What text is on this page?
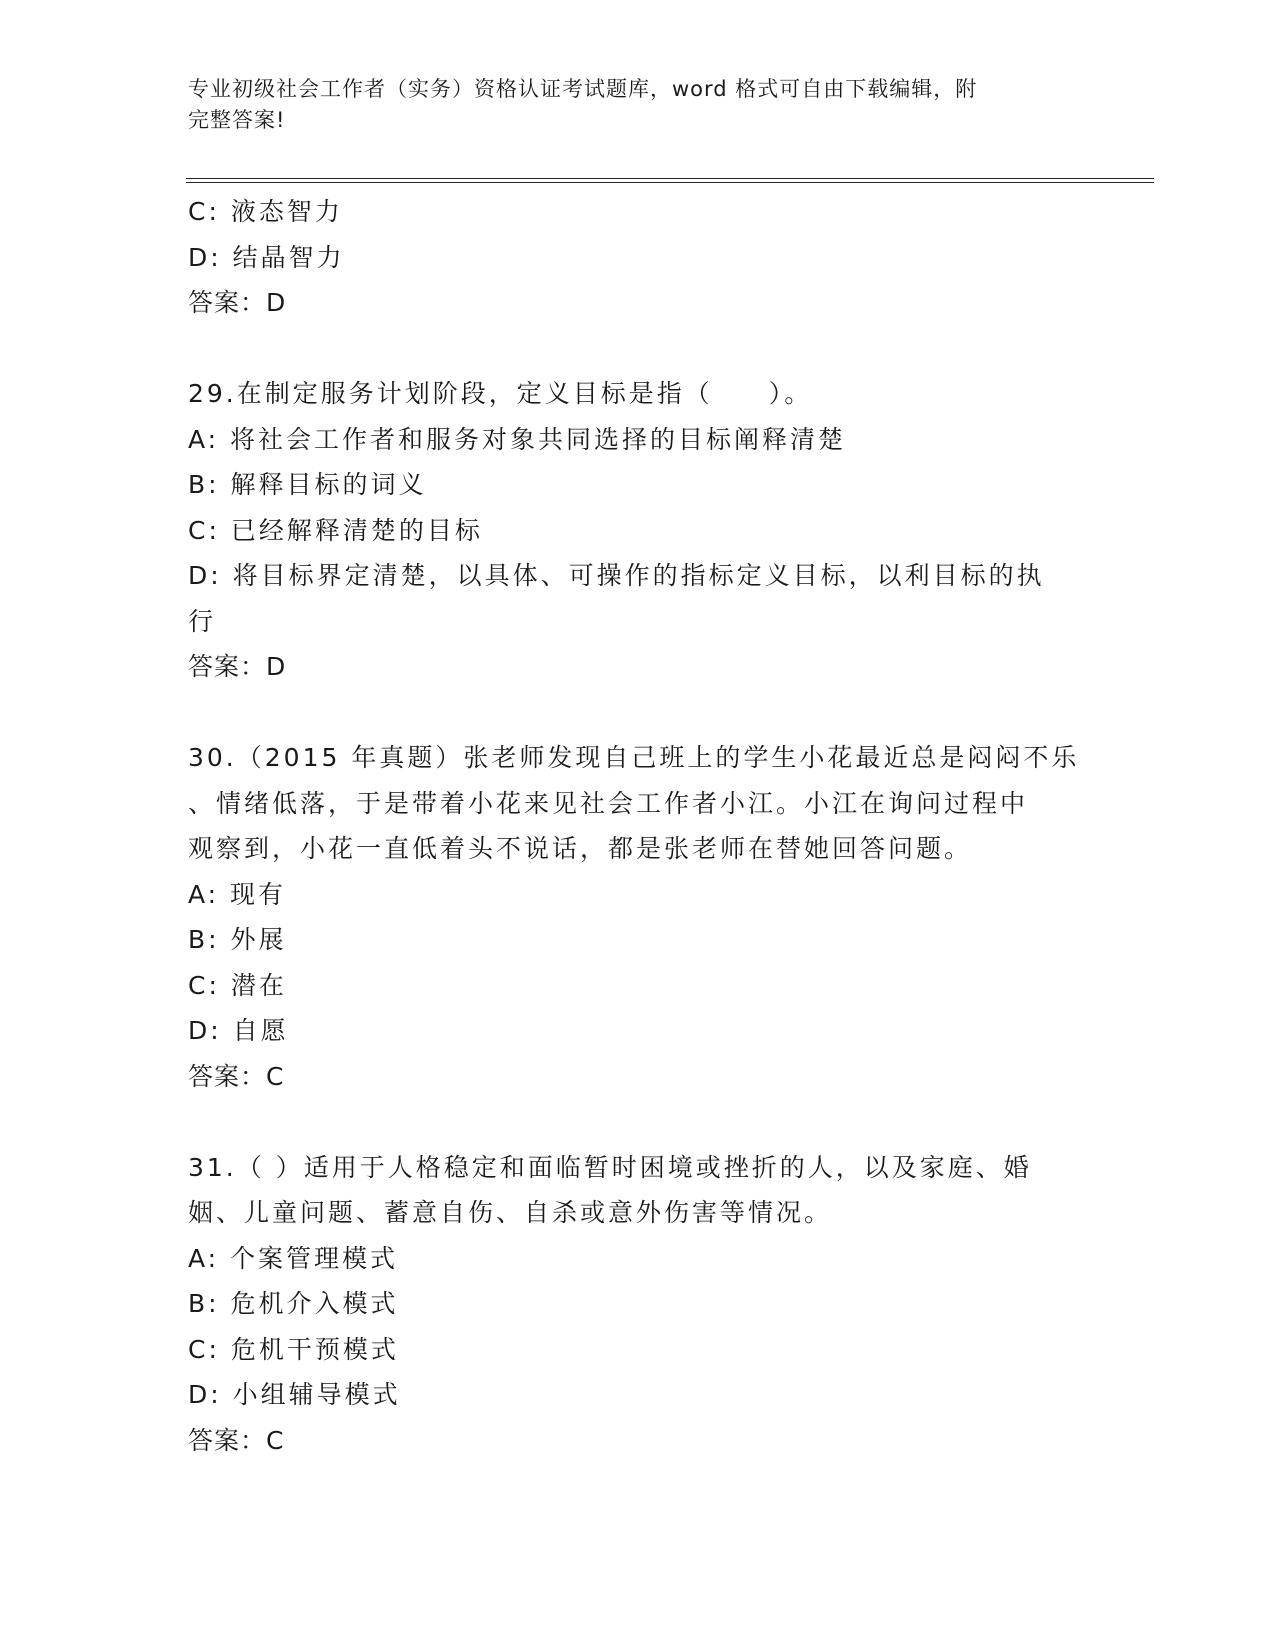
专业初级社会工作者（实务）资格认证考试题库，word 格式可自由下载编辑，附
完整答案!

C: 液态智力

D: 结晶智力

答案：D

29.在制定服务计划阶段，定义目标是指（　　）。

A: 将社会工作者和服务对象共同选择的目标阐释清楚

B: 解释目标的词义

C: 已经解释清楚的目标

D: 将目标界定清楚，以具体、可操作的指标定义目标，以利目标的执

行

答案：D

30.（2015 年真题）张老师发现自己班上的学生小花最近总是闷闷不乐

、情绪低落，于是带着小花来见社会工作者小江。小江在询问过程中

观察到，小花一直低着头不说话，都是张老师在替她回答问题。

A: 现有

B: 外展

C: 潜在

D: 自愿

答案：C

31.（ ）适用于人格稳定和面临暂时困境或挫折的人，以及家庭、婚

姻、儿童问题、蓄意自伤、自杀或意外伤害等情况。

A: 个案管理模式

B: 危机介入模式

C: 危机干预模式

D: 小组辅导模式

答案：C
